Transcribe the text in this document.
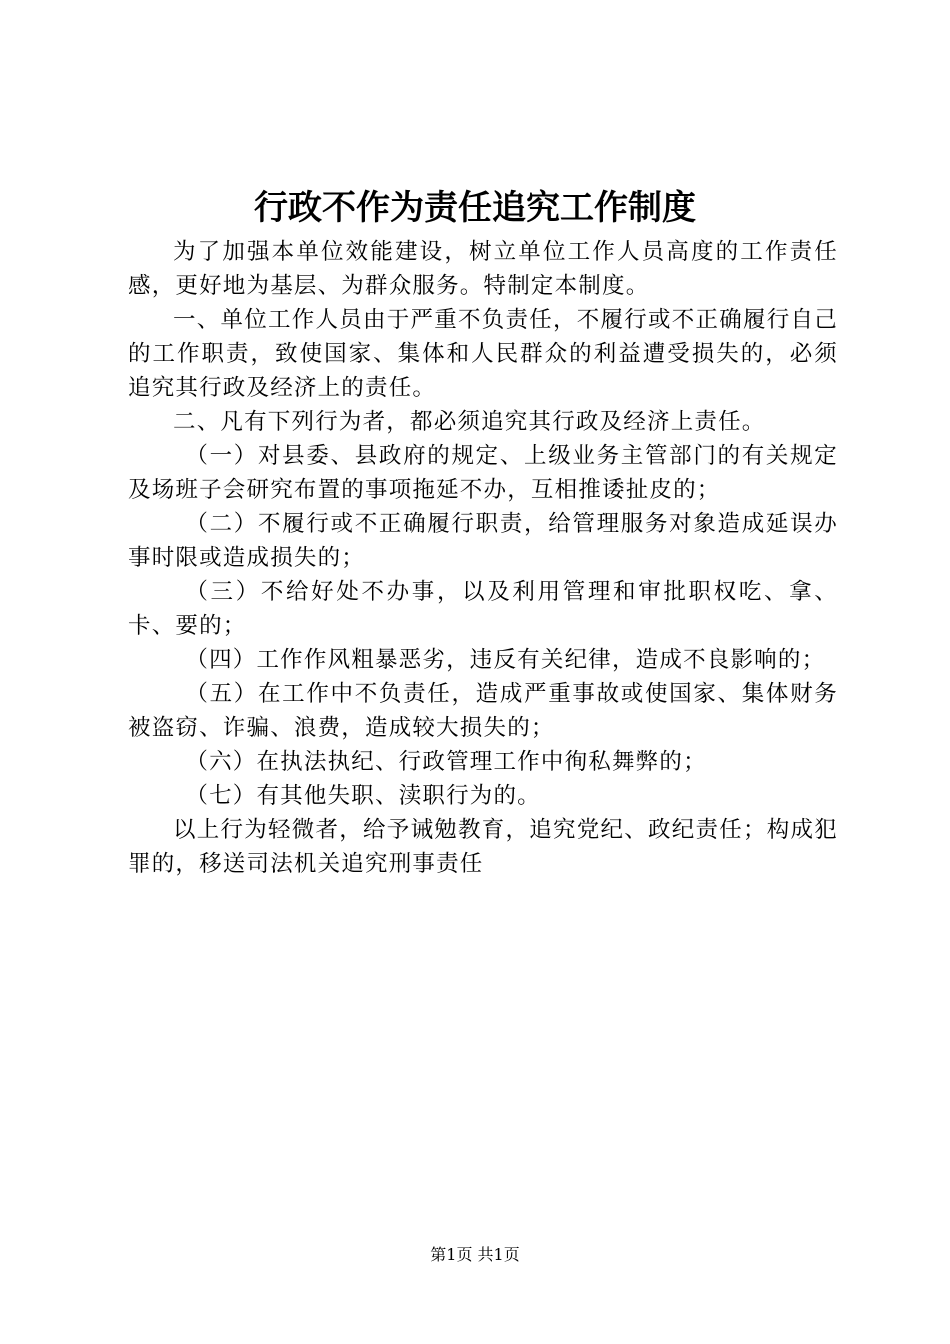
行政不作为责任追究工作制度

为了加强本单位效能建设，树立单位工作人员高度的工作责任感，更好地为基层、为群众服务。特制定本制度。

一、单位工作人员由于严重不负责任，不履行或不正确履行自己的工作职责，致使国家、集体和人民群众的利益遭受损失的，必须追究其行政及经济上的责任。

二、凡有下列行为者，都必须追究其行政及经济上责任。

（一）对县委、县政府的规定、上级业务主管部门的有关规定及场班子会研究布置的事项拖延不办，互相推诿扯皮的；

（二）不履行或不正确履行职责，给管理服务对象造成延误办事时限或造成损失的；

（三）不给好处不办事，以及利用管理和审批职权吃、拿、卡、要的；

（四）工作作风粗暴恶劣，违反有关纪律，造成不良影响的；

（五）在工作中不负责任，造成严重事故或使国家、集体财务被盗窃、诈骗、浪费，造成较大损失的；

（六）在执法执纪、行政管理工作中徇私舞弊的；

（七）有其他失职、渎职行为的。

以上行为轻微者，给予诫勉教育，追究党纪、政纪责任；构成犯罪的，移送司法机关追究刑事责任

第1页 共1页
